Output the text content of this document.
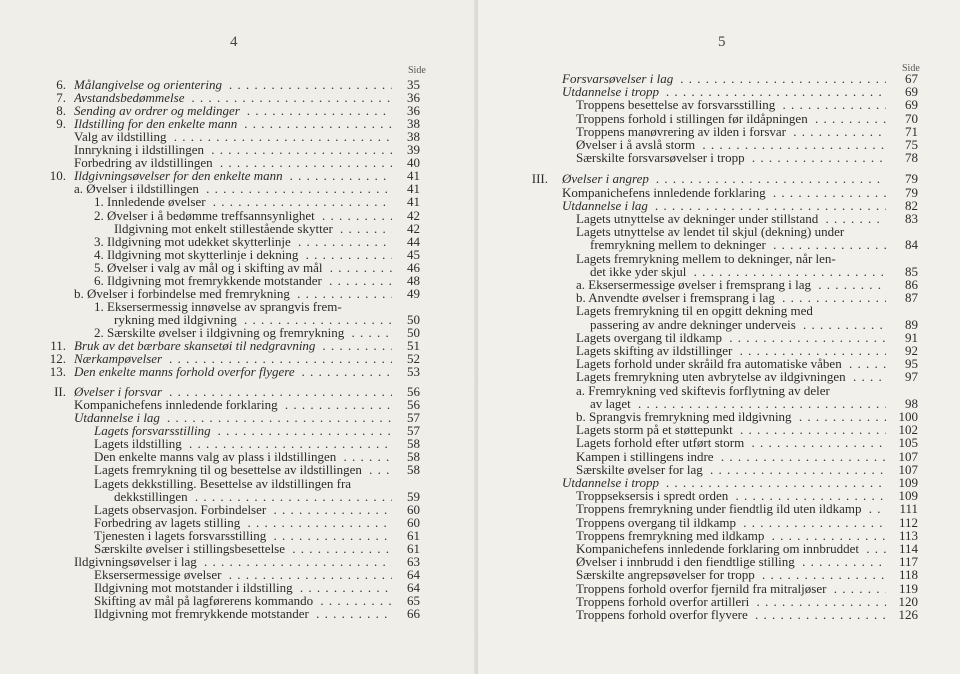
4
Side
6. Målangivelse og orientering . . .	35
7. Avstandsbedømmelse . . .	36
8. Sending av ordrer og meldinger . . .	36
9. Ildstilling for den enkelte mann . . .	38
Valg av ildstilling . . .	38
Innrykning i ildstillingen . . .	39
Forbedring av ildstillingen . . .	40
10. Ildgivningsøvelser for den enkelte mann . . .	41
a. Øvelser i ildstillingen . . .	41
1. Innledende øvelser . . .	41
2. Øvelser i å bedømme treffsannsynlighet . . .	42
Ildgivning mot enkelt stillestående skytter . . .	42
3. Ildgivning mot udekket skytterlinje . . .	44
4. Ildgivning mot skytterlinje i dekning . . .	45
5. Øvelser i valg av mål og i skifting av mål . . .	46
6. Ildgivning mot fremrykkende motstander . . .	48
b. Øvelser i forbindelse med fremrykning . . .	49
1. Eksersermessig innøvelse av sprangvis frem-
rykning med ildgivning . . .	50
2. Særskilte øvelser i ildgivning og fremrykning . . .	50
11. Bruk av det bærbare skansetøi til nedgravning . . .	51
12. Nærkampøvelser . . .	52
13. Den enkelte manns forhold overfor flygere . . .	53
II. Øvelser i forsvar . . .	56
Kompanichefens innledende forklaring . . .	56
Utdannelse i lag . . .	57
Lagets forsvarsstilling . . .	57
Lagets ildstilling . . .	58
Den enkelte manns valg av plass i ildstillingen . . .	58
Lagets fremrykning til og besettelse av ildstillingen . . .	58
Lagets dekkstilling. Besettelse av ildstillingen fra
dekkstillingen . . .	59
Lagets observasjon. Forbindelser . . .	60
Forbedring av lagets stilling . . .	60
Tjenesten i lagets forsvarsstilling . . .	61
Særskilte øvelser i stillingsbesettelse . . .	61
Ildgivningsøvelser i lag . . .	63
Eksersermessige øvelser . . .	64
Ildgivning mot motstander i ildstilling . . .	64
Skifting av mål på lagførerens kommando . . .	65
Ildgivning mot fremrykkende motstander . . .	66
5
Side
Forsvarsøvelser i lag . . .	67
Utdannelse i tropp . . .	69
Troppens besettelse av forsvarsstilling . . .	69
Troppens forhold i stillingen før ildåpningen . . .	70
Troppens manøvrering av ilden i forsvar . . .	71
Øvelser i å avslå storm . . .	75
Særskilte forsvarsøvelser i tropp . . .	78
III. Øvelser i angrep . . .	79
Kompanichefens innledende forklaring . . .	79
Utdannelse i lag . . .	82
Lagets utnyttelse av dekninger under stillstand . . .	83
Lagets utnyttelse av lendet til skjul (dekning) under
fremrykning mellem to dekninger . . .	84
Lagets fremrykning mellem to dekninger, når len-
det ikke yder skjul . . .	85
a. Eksersermessige øvelser i fremsprang i lag . . .	86
b. Anvendte øvelser i fremsprang i lag . . .	87
Lagets fremrykning til en opgitt dekning med
passering av andre dekninger underveis . . .	89
Lagets overgang til ildkamp . . .	91
Lagets skifting av ildstillinger . . .	92
Lagets forhold under skråild fra automatiske våben . . .	95
Lagets fremrykning uten avbrytelse av ildgivningen . . .	97
a. Fremrykning ved skiftevis forflytning av deler
av laget . . .	98
b. Sprangvis fremrykning med ildgivning . . .	100
Lagets storm på et støttepunkt . . .	102
Lagets forhold efter utført storm . . .	105
Kampen i stillingens indre . . .	107
Særskilte øvelser for lag . . .	107
Utdannelse i tropp . . .	109
Troppseksersis i spredt orden . . .	109
Troppens fremrykning under fiendtlig ild uten ildkamp . . .	111
Troppens overgang til ildkamp . . .	112
Troppens fremrykning med ildkamp . . .	113
Kompanichefens innledende forklaring om innbruddet . . .	114
Øvelser i innbrudd i den fiendtlige stilling . . .	117
Særskilte angrepsøvelser for tropp . . .	118
Troppens forhold overfor fjernild fra mitraljøser . . .	119
Troppens forhold overfor artilleri . . .	120
Troppens forhold overfor flyvere . . .	126
